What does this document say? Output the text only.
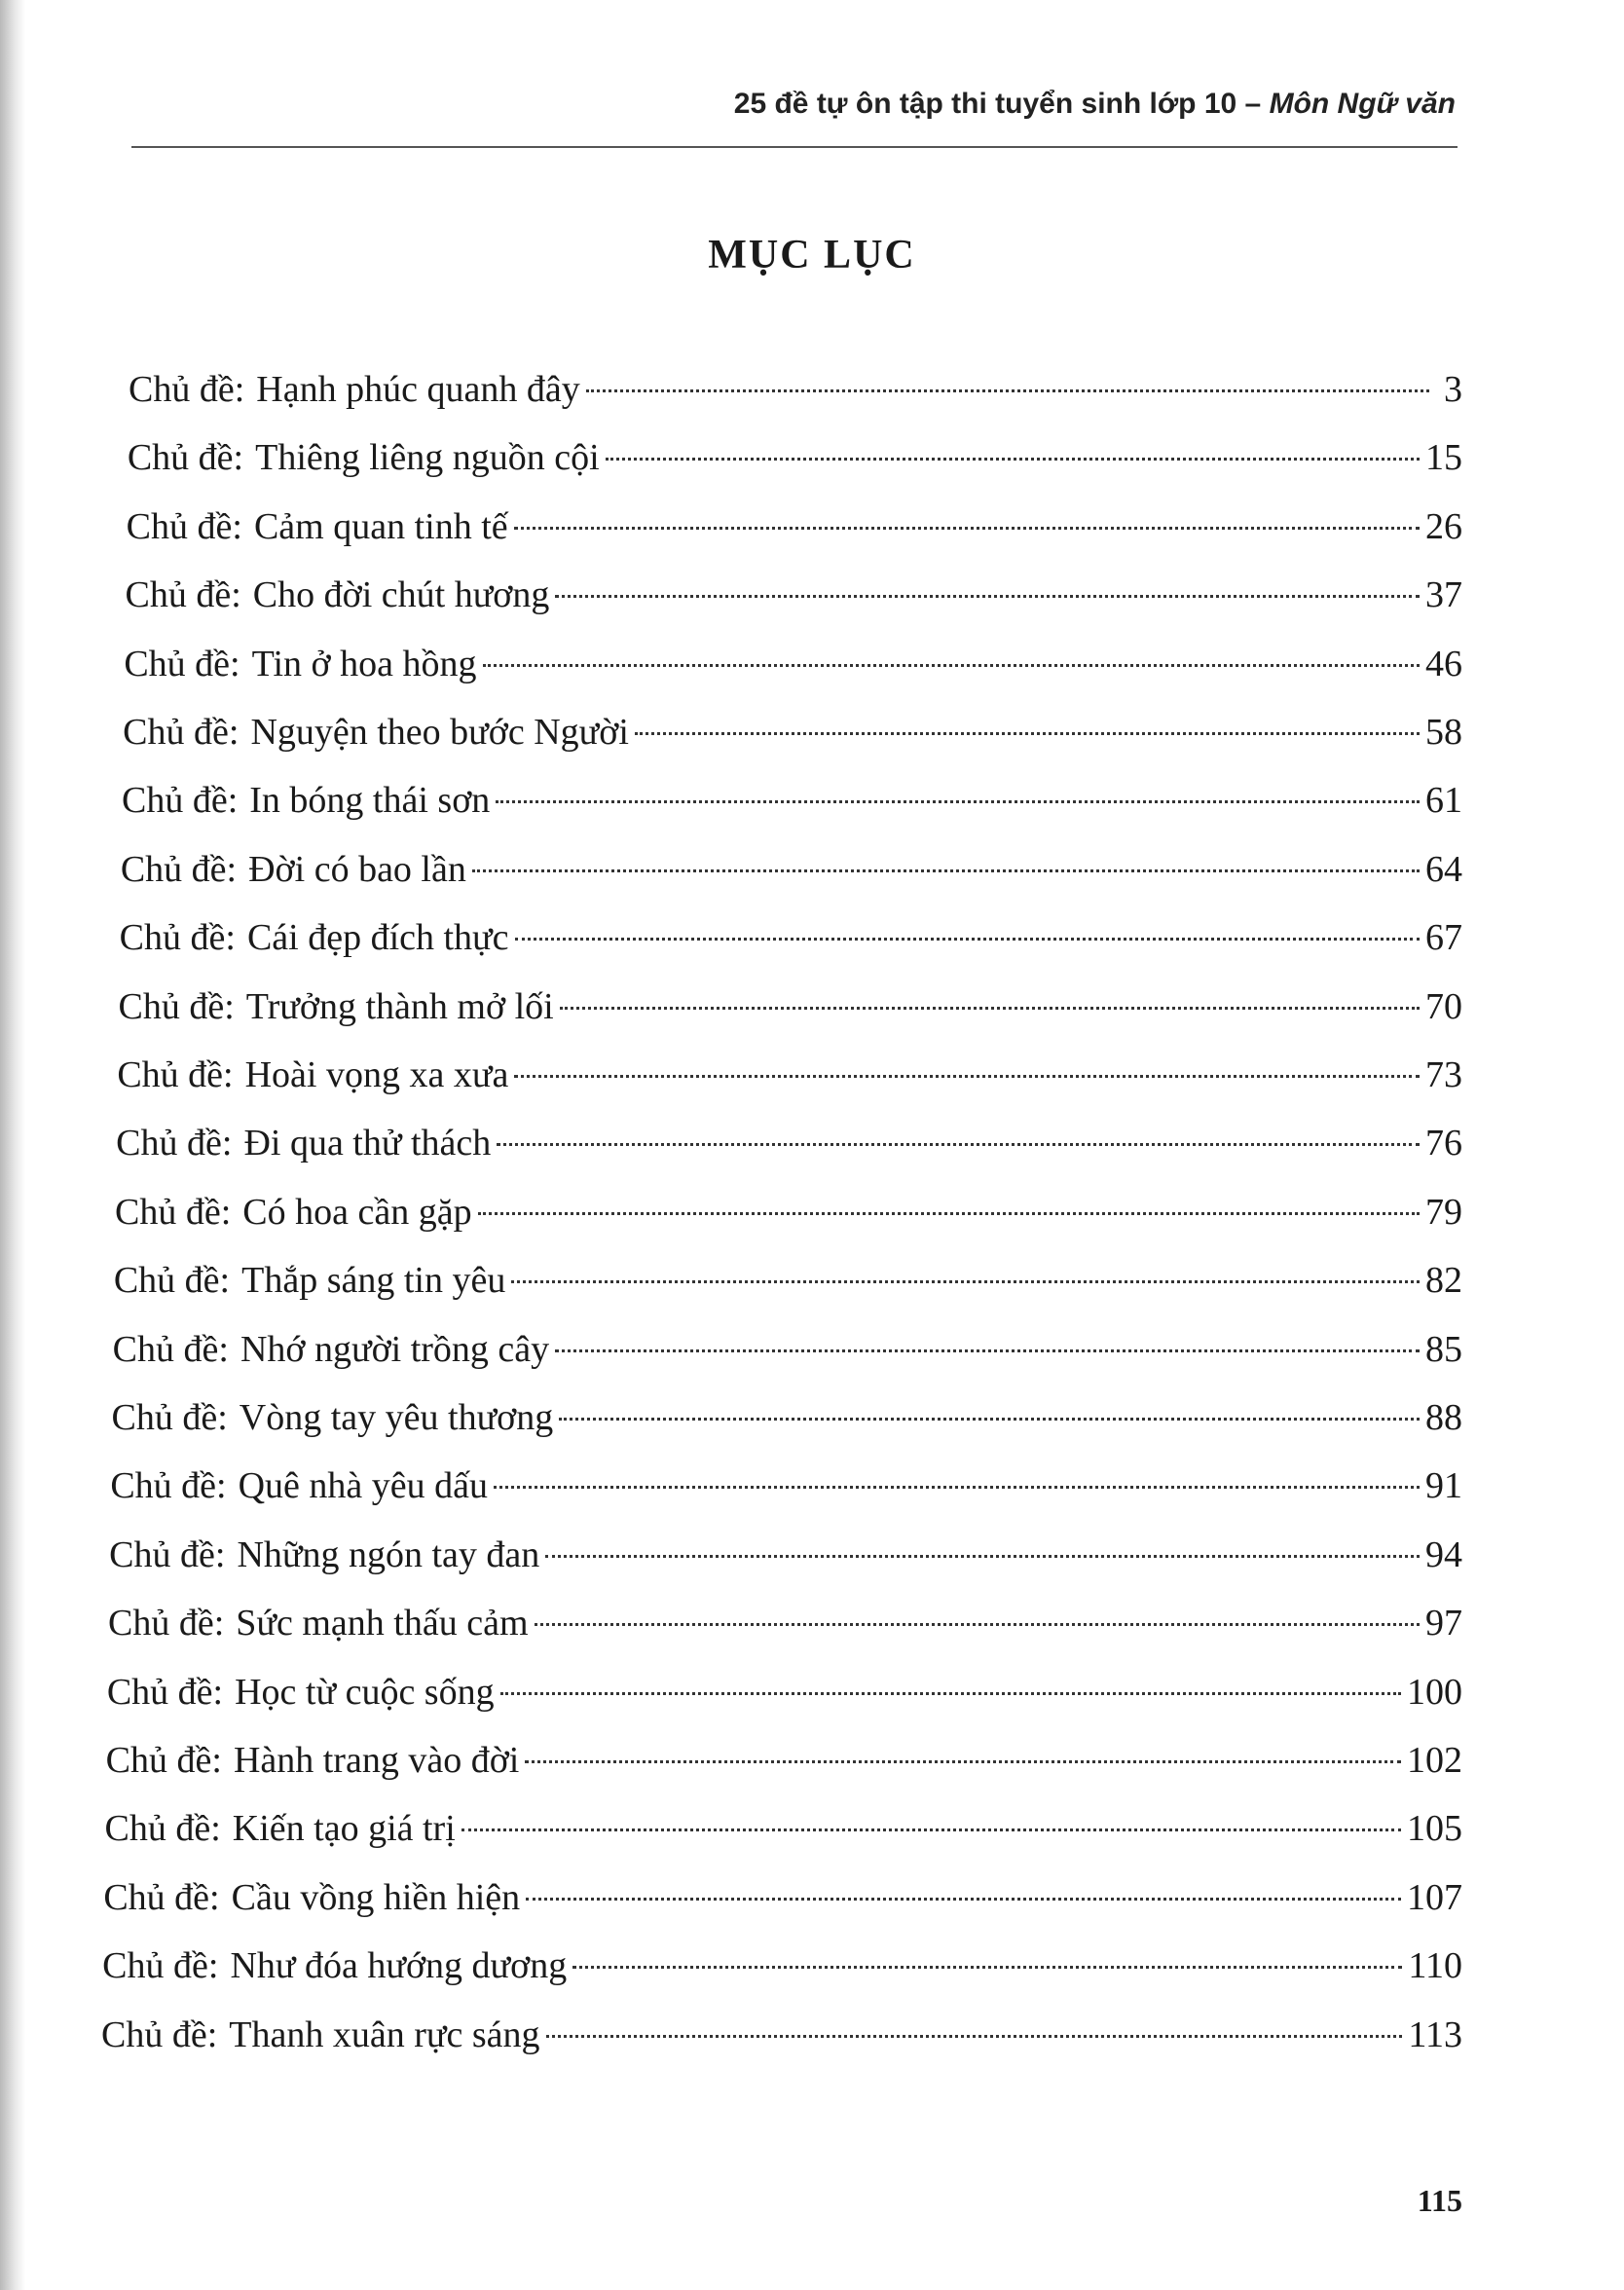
25 đề tự ôn tập thi tuyển sinh lớp 10 – Môn Ngữ văn
MỤC LỤC
Chủ đề: Hạnh phúc quanh đây	3
Chủ đề: Thiêng liêng nguồn cội	15
Chủ đề: Cảm quan tinh tế	26
Chủ đề: Cho đời chút hương	37
Chủ đề: Tin ở hoa hồng	46
Chủ đề: Nguyện theo bước Người	58
Chủ đề: In bóng thái sơn	61
Chủ đề: Đời có bao lần	64
Chủ đề: Cái đẹp đích thực	67
Chủ đề: Trưởng thành mở lối	70
Chủ đề: Hoài vọng xa xưa	73
Chủ đề: Đi qua thử thách	76
Chủ đề: Có hoa cần gặp	79
Chủ đề: Thắp sáng tin yêu	82
Chủ đề: Nhớ người trồng cây	85
Chủ đề: Vòng tay yêu thương	88
Chủ đề: Quê nhà yêu dấu	91
Chủ đề: Những ngón tay đan	94
Chủ đề: Sức mạnh thấu cảm	97
Chủ đề: Học từ cuộc sống	100
Chủ đề: Hành trang vào đời	102
Chủ đề: Kiến tạo giá trị	105
Chủ đề: Cầu vồng hiền hiện	107
Chủ đề: Như đóa hướng dương	110
Chủ đề: Thanh xuân rực sáng	113
115
